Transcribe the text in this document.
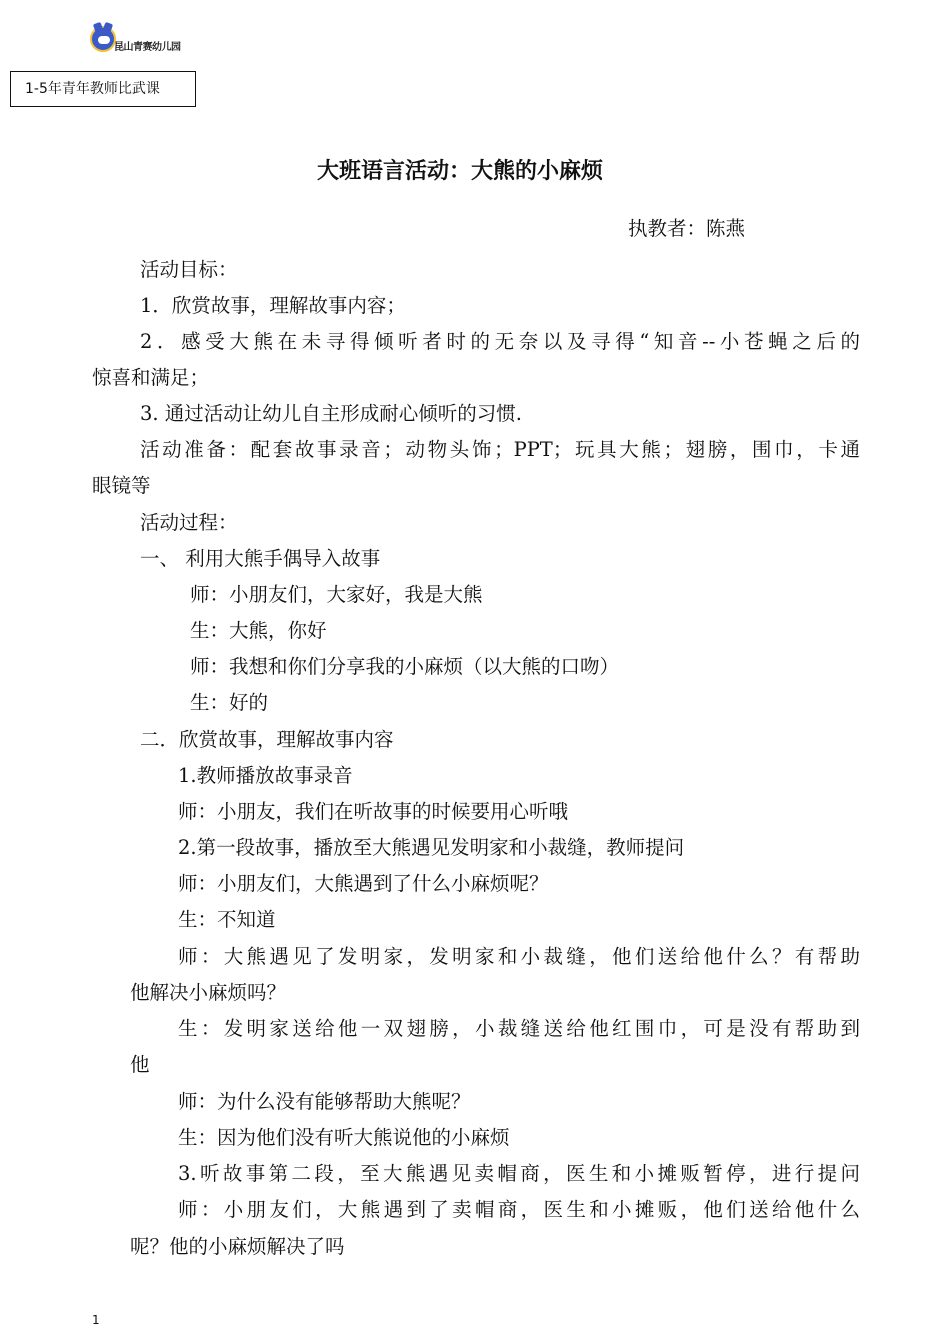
昆山青赛幼儿园
1-5年青年教师比武课
大班语言活动：大熊的小麻烦
执教者：陈燕
活动目标：
1．欣赏故事，理解故事内容；
2．感受大熊在未寻得倾听者时的无奈以及寻得“知音--小苍蝇之后的
惊喜和满足；
3. 通过活动让幼儿自主形成耐心倾听的习惯.
活动准备：配套故事录音；动物头饰；PPT；玩具大熊；翅膀，围巾，卡通
眼镜等
活动过程：
一、 利用大熊手偶导入故事
师：小朋友们，大家好，我是大熊
生：大熊，你好
师：我想和你们分享我的小麻烦（以大熊的口吻）
生：好的
二．欣赏故事，理解故事内容
1.教师播放故事录音
师：小朋友，我们在听故事的时候要用心听哦
2.第一段故事，播放至大熊遇见发明家和小裁缝，教师提问
师：小朋友们，大熊遇到了什么小麻烦呢？
生：不知道
师：大熊遇见了发明家，发明家和小裁缝，他们送给他什么？有帮助
他解决小麻烦吗？
生：发明家送给他一双翅膀，小裁缝送给他红围巾，可是没有帮助到
他
师：为什么没有能够帮助大熊呢？
生：因为他们没有听大熊说他的小麻烦
3.听故事第二段，至大熊遇见卖帽商，医生和小摊贩暂停，进行提问
师：小朋友们，大熊遇到了卖帽商，医生和小摊贩，他们送给他什么
呢？他的小麻烦解决了吗
1
